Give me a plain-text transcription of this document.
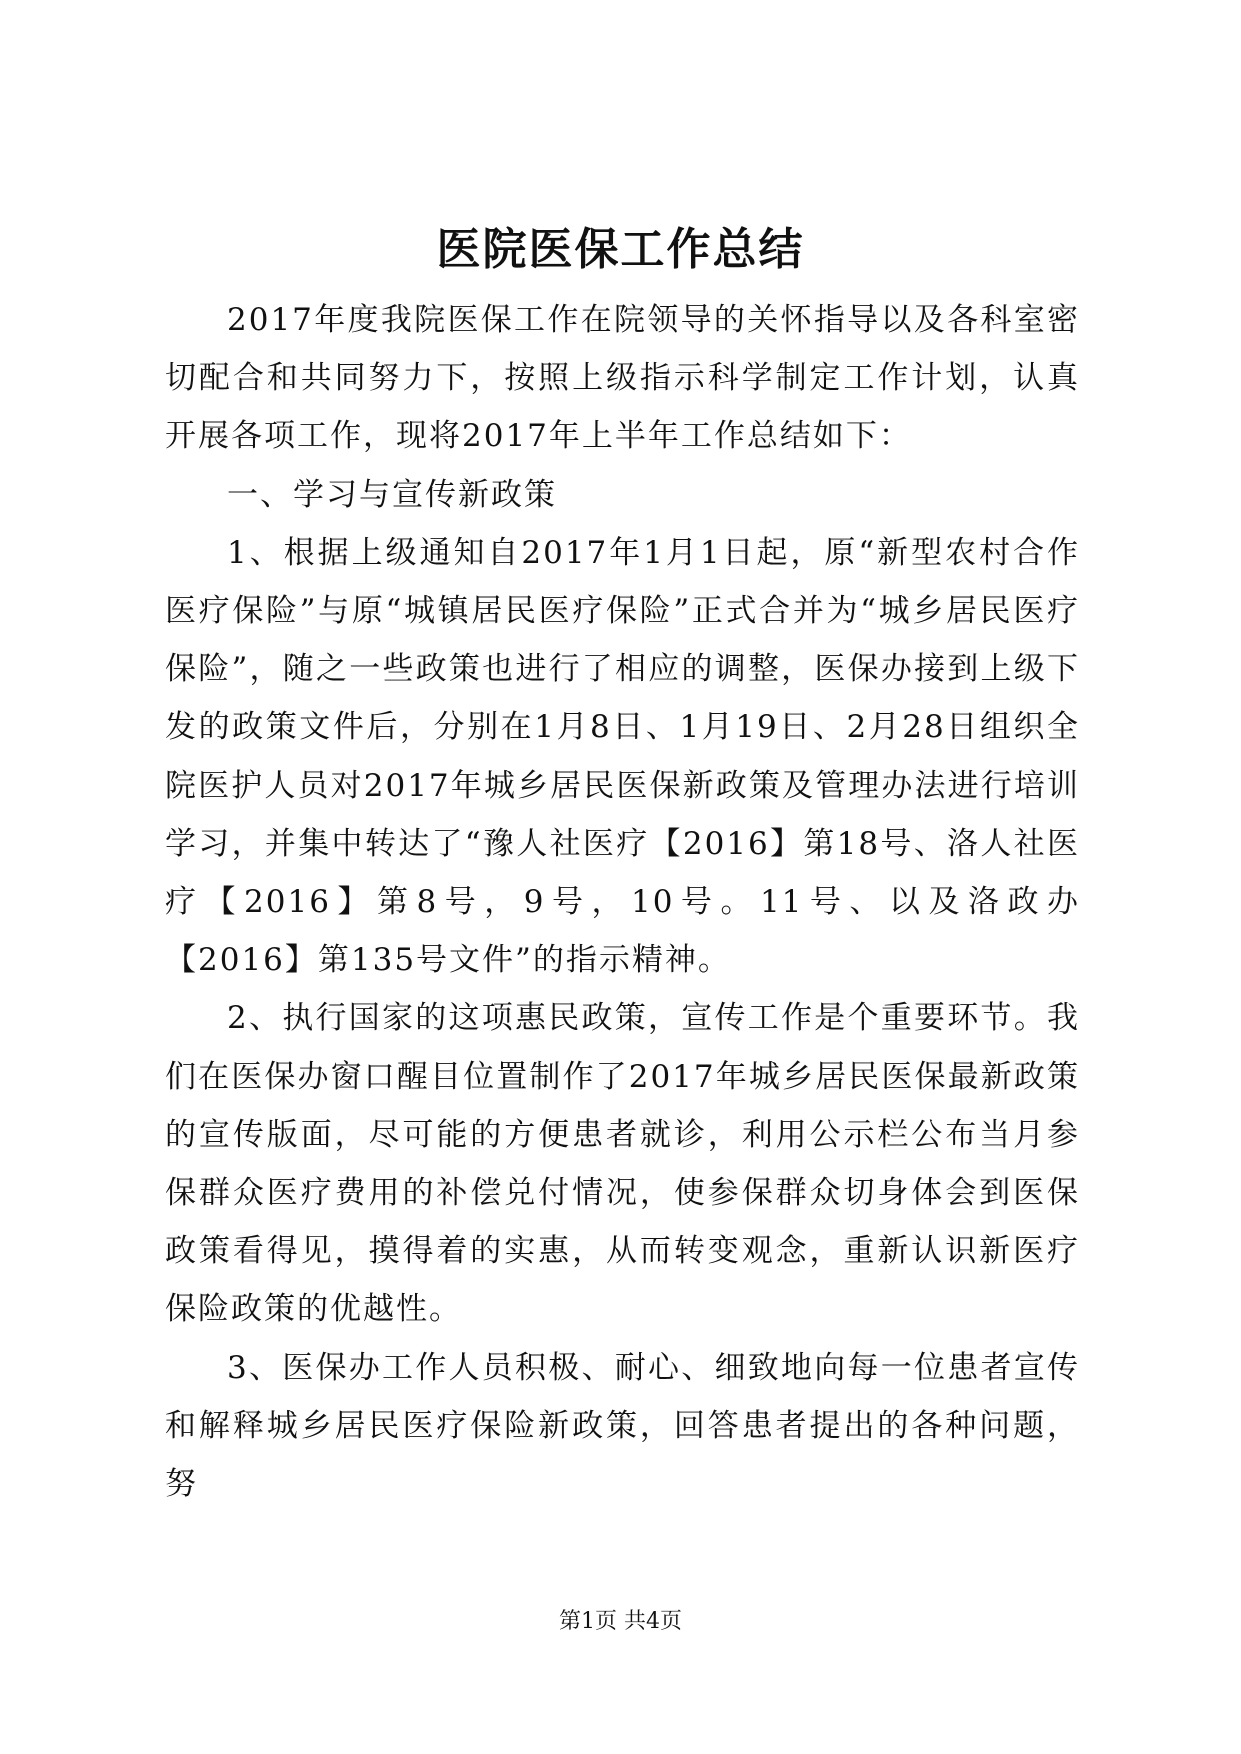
医院医保工作总结

2017年度我院医保工作在院领导的关怀指导以及各科室密切配合和共同努力下，按照上级指示科学制定工作计划，认真开展各项工作，现将2017年上半年工作总结如下：

一、学习与宣传新政策

1、根据上级通知自2017年1月1日起，原“新型农村合作医疗保险”与原“城镇居民医疗保险”正式合并为“城乡居民医疗保险”，随之一些政策也进行了相应的调整，医保办接到上级下发的政策文件后，分别在1月8日、1月19日、2月28日组织全院医护人员对2017年城乡居民医保新政策及管理办法进行培训学习，并集中转达了“豫人社医疗【2016】第18号、洛人社医疗【2016】第8号，9号，10号。11号、以及洛政办【2016】第135号文件”的指示精神。

2、执行国家的这项惠民政策，宣传工作是个重要环节。我们在医保办窗口醒目位置制作了2017年城乡居民医保最新政策的宣传版面，尽可能的方便患者就诊，利用公示栏公布当月参保群众医疗费用的补偿兑付情况，使参保群众切身体会到医保政策看得见，摸得着的实惠，从而转变观念，重新认识新医疗保险政策的优越性。

3、医保办工作人员积极、耐心、细致地向每一位患者宣传和解释城乡居民医疗保险新政策，回答患者提出的各种问题，努

第1页 共4页
